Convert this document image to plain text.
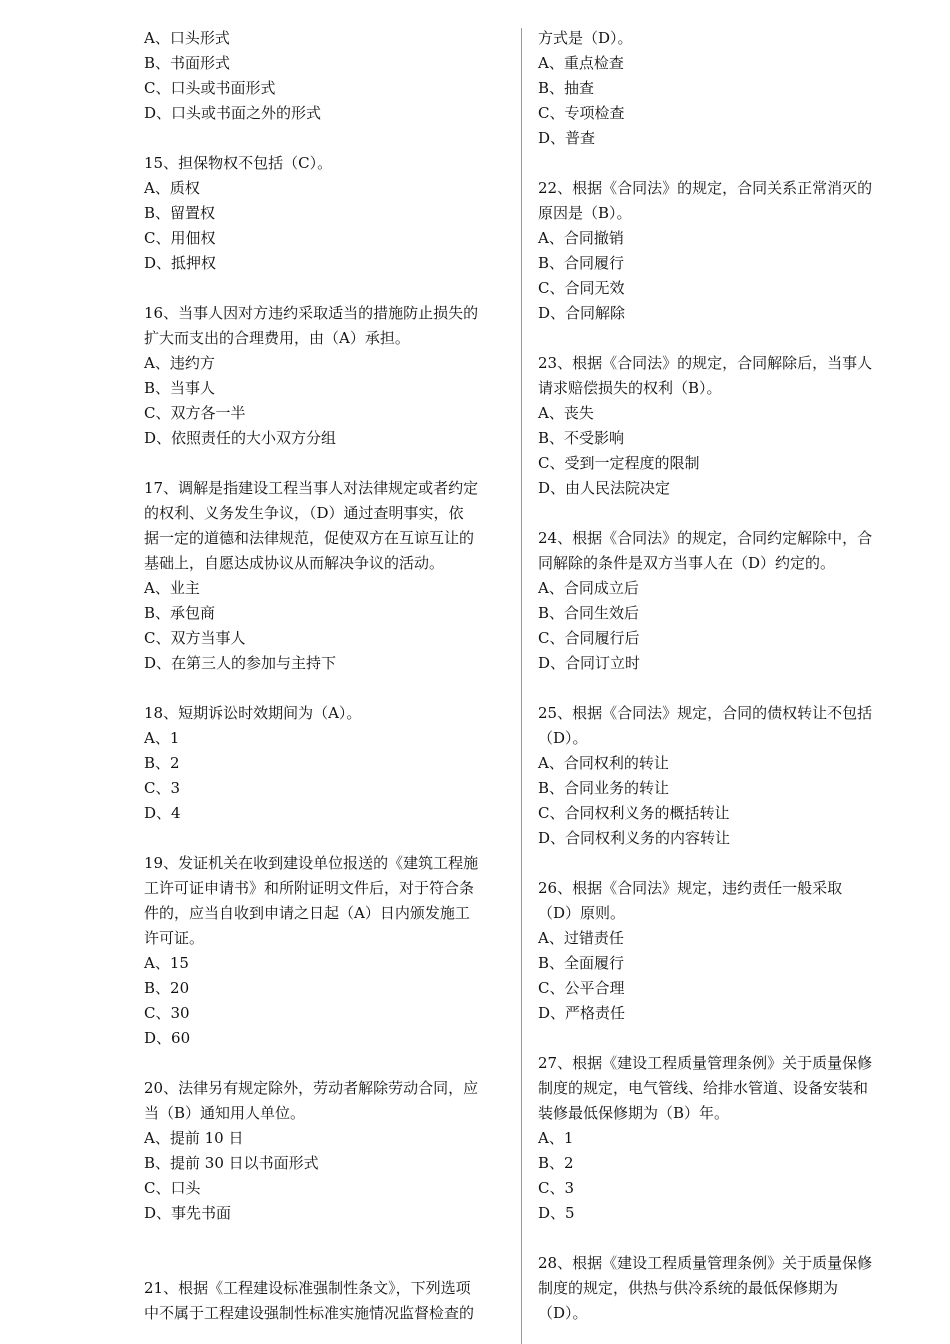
A、口头形式
B、书面形式
C、口头或书面形式
D、口头或书面之外的形式
15、担保物权不包括（C）。
A、质权
B、留置权
C、用佃权
D、抵押权
16、当事人因对方违约采取适当的措施防止损失的
扩大而支出的合理费用，由（A）承担。
A、违约方
B、当事人
C、双方各一半
D、依照责任的大小双方分组
17、调解是指建设工程当事人对法律规定或者约定
的权利、义务发生争议，（D）通过查明事实，依
据一定的道德和法律规范，促使双方在互谅互让的
基础上，自愿达成协议从而解决争议的活动。
A、业主
B、承包商
C、双方当事人
D、在第三人的参加与主持下
18、短期诉讼时效期间为（A）。
A、1
B、2
C、3
D、4
19、发证机关在收到建设单位报送的《建筑工程施
工许可证申请书》和所附证明文件后，对于符合条
件的，应当自收到申请之日起（A）日内颁发施工
许可证。
A、15
B、20
C、30
D、60
20、法律另有规定除外，劳动者解除劳动合同，应
当（B）通知用人单位。
A、提前 10 日
B、提前 30 日以书面形式
C、口头
D、事先书面
21、根据《工程建设标准强制性条文》，下列选项
中不属于工程建设强制性标准实施情况监督检查的
方式是（D）。
A、重点检查
B、抽查
C、专项检查
D、普查
22、根据《合同法》的规定，合同关系正常消灭的
原因是（B）。
A、合同撤销
B、合同履行
C、合同无效
D、合同解除
23、根据《合同法》的规定，合同解除后，当事人
请求赔偿损失的权利（B）。
A、丧失
B、不受影响
C、受到一定程度的限制
D、由人民法院决定
24、根据《合同法》的规定，合同约定解除中，合
同解除的条件是双方当事人在（D）约定的。
A、合同成立后
B、合同生效后
C、合同履行后
D、合同订立时
25、根据《合同法》规定，合同的债权转让不包括
（D）。
A、合同权利的转让
B、合同业务的转让
C、合同权利义务的概括转让
D、合同权利义务的内容转让
26、根据《合同法》规定，违约责任一般采取
（D）原则。
A、过错责任
B、全面履行
C、公平合理
D、严格责任
27、根据《建设工程质量管理条例》关于质量保修
制度的规定，电气管线、给排水管道、设备安装和
装修最低保修期为（B）年。
A、1
B、2
C、3
D、5
28、根据《建设工程质量管理条例》关于质量保修
制度的规定，供热与供冷系统的最低保修期为
（D）。
